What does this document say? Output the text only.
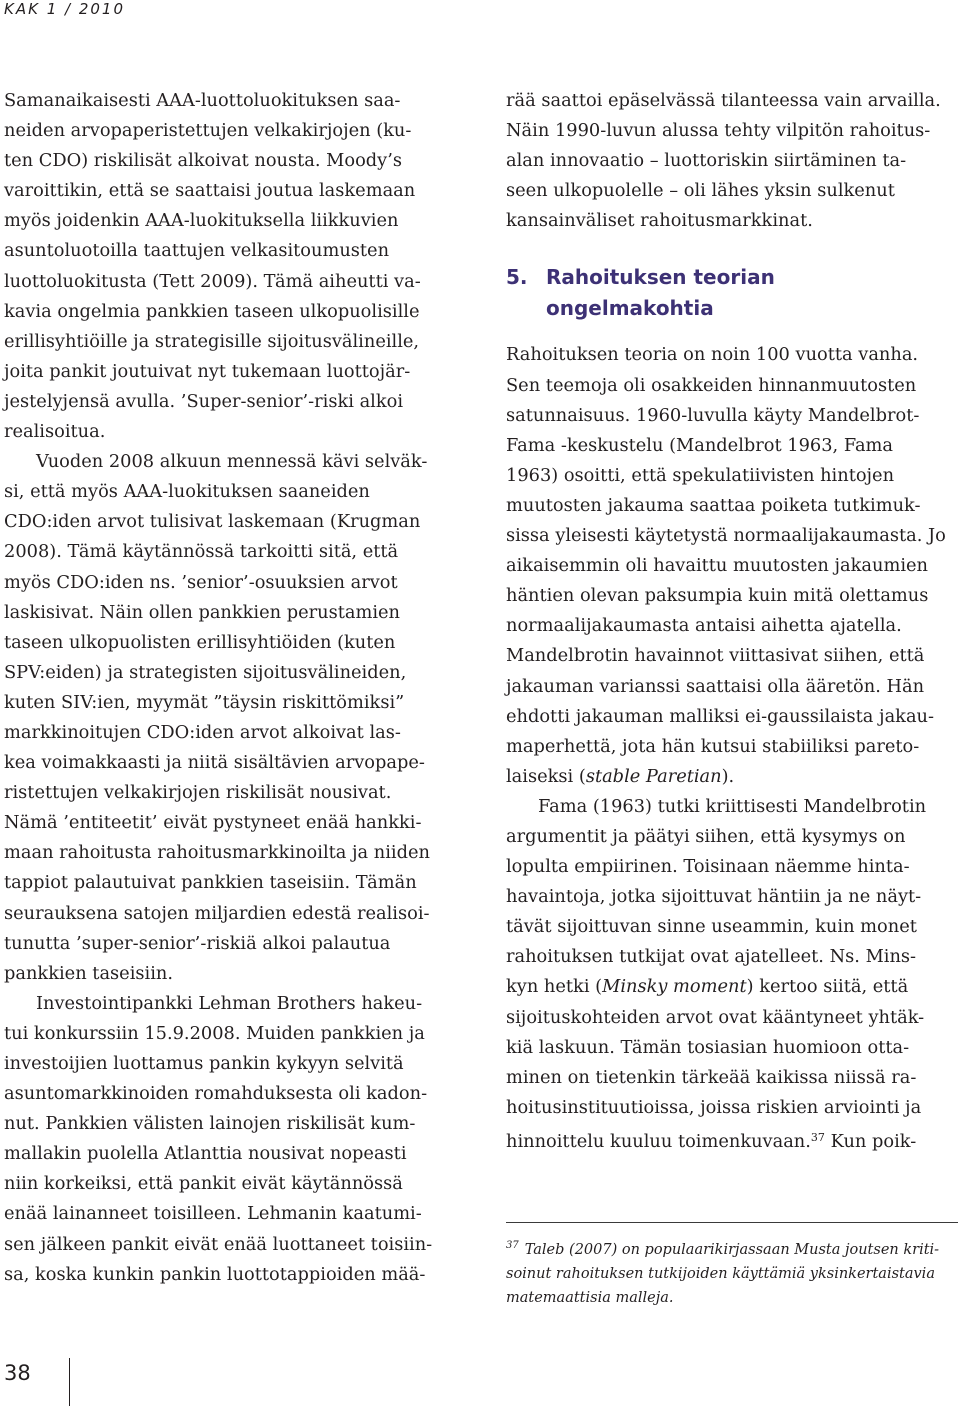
KAK 1 / 2010

Samanaikaisesti AAA-luottoluokituksen saa-
neiden arvopaperistettujen velkakirjojen (ku-
ten CDO) riskilisät alkoivat nousta. Moody’s
varoittikin, että se saattaisi joutua laskemaan
myös joidenkin AAA-luokituksella liikkuvien
asuntoluotoilla taattujen velkasitoumusten
luottoluokitusta (Tett 2009). Tämä aiheutti va-
kavia ongelmia pankkien taseen ulkopuolisille
erillisyhtiöille ja strategisille sijoitusvälineille,
joita pankit joutuivat nyt tukemaan luottojär-
jestelyjensä avulla. ’Super-senior’-riski alkoi
realisoitua.

Vuoden 2008 alkuun mennessä kävi selväk-
si, että myös AAA-luokituksen saaneiden
CDO:iden arvot tulisivat laskemaan (Krugman
2008). Tämä käytännössä tarkoitti sitä, että
myös CDO:iden ns. ’senior’-osuuksien arvot
laskisivat. Näin ollen pankkien perustamien
taseen ulkopuolisten erillisyhtiöiden (kuten
SPV:eiden) ja strategisten sijoitusvälineiden,
kuten SIV:ien, myymät ”täysin riskittömiksi”
markkinoitujen CDO:iden arvot alkoivat las-
kea voimakkaasti ja niitä sisältävien arvopape-
ristettujen velkakirjojen riskilisät nousivat.
Nämä ’entiteetit’ eivät pystyneet enää hankki-
maan rahoitusta rahoitusmarkkinoilta ja niiden
tappiot palautuivat pankkien taseisiin. Tämän
seurauksena satojen miljardien edestä realisoi-
tunutta ’super-senior’-riskiä alkoi palautua
pankkien taseisiin.

Investointipankki Lehman Brothers hakeu-
tui konkurssiin 15.9.2008. Muiden pankkien ja
investoijien luottamus pankin kykyyn selvitä
asuntomarkkinoiden romahduksesta oli kadon-
nut. Pankkien välisten lainojen riskilisät kum-
mallakin puolella Atlanttia nousivat nopeasti
niin korkeiksi, että pankit eivät käytännössä
enää lainanneet toisilleen. Lehmanin kaatumi-
sen jälkeen pankit eivät enää luottaneet toisiin-
sa, koska kunkin pankin luottotappioiden mää-

rää saattoi epäselvässä tilanteessa vain arvailla.
Näin 1990-luvun alussa tehty vilpitön rahoitus-
alan innovaatio – luottoriskin siirtäminen ta-
seen ulkopuolelle – oli lähes yksin sulkenut
kansainväliset rahoitusmarkkinat.

5. Rahoituksen teorian ongelmakohtia

Rahoituksen teoria on noin 100 vuotta vanha.
Sen teemoja oli osakkeiden hinnanmuutosten
satunnaisuus. 1960-luvulla käyty Mandelbrot-
Fama -keskustelu (Mandelbrot 1963, Fama
1963) osoitti, että spekulatiivisten hintojen
muutosten jakauma saattaa poiketa tutkimuk-
sissa yleisesti käytetystä normaalijakaumasta. Jo
aikaisemmin oli havaittu muutosten jakaumien
häntien olevan paksumpia kuin mitä olettamus
normaalijakaumasta antaisi aihetta ajatella.
Mandelbrotin havainnot viittasivat siihen, että
jakauman varianssi saattaisi olla ääretön. Hän
ehdotti jakauman malliksi ei-gaussilaista jakau-
maperhettä, jota hän kutsui stabiiliksi pareto-
laiseksi (stable Paretian).

Fama (1963) tutki kriittisesti Mandelbrotin
argumentit ja päätyi siihen, että kysymys on
lopulta empiirinen. Toisinaan näemme hinta-
havaintoja, jotka sijoittuvat häntiin ja ne näyt-
tävät sijoittuvan sinne useammin, kuin monet
rahoituksen tutkijat ovat ajatelleet. Ns. Mins-
kyn hetki (Minsky moment) kertoo siitä, että
sijoituskohteiden arvot ovat kääntyneet yhtäk-
kiä laskuun. Tämän tosiasian huomioon otta-
minen on tietenkin tärkeää kaikissa niissä ra-
hoitusinstituutioissa, joissa riskien arviointi ja
hinnoittelu kuuluu toimenkuvaan.$^{37}$ Kun poik-

$^{37}$ Taleb (2007) on populaarikirjassaan Musta joutsen kriti-
soinut rahoituksen tutkijoiden käyttämiä yksinkertaistavia
matemaattisia malleja.
38
